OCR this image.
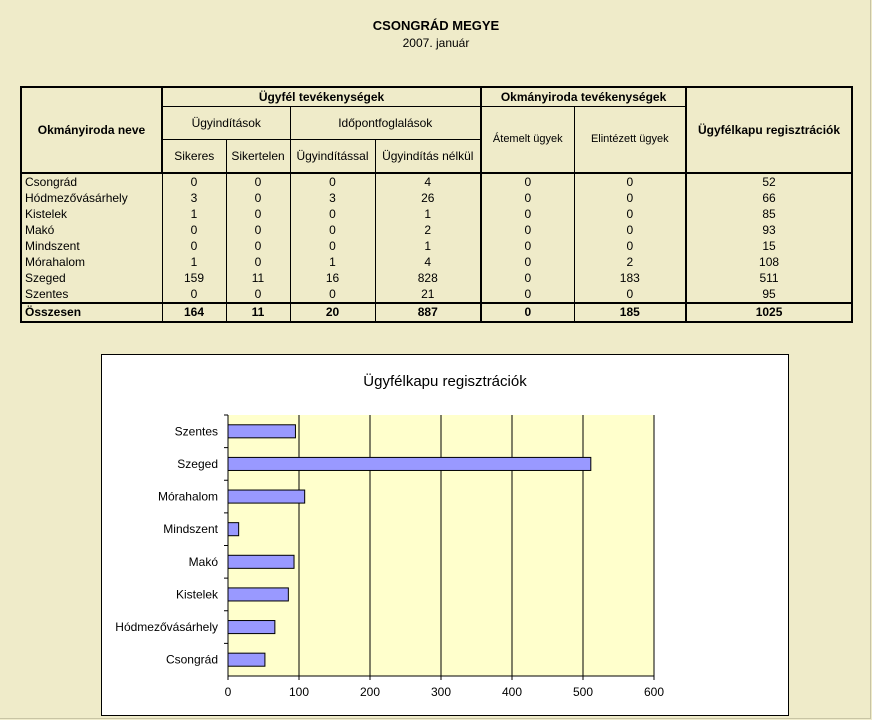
CSONGRÁD MEGYE
2007. január
Okmányiroda neve	Ügyfél tevékenységek				Okmányiroda tevékenységek		Ügyfélkapu regisztrációk
	Ügyindítások		Időpontfoglalások		Átemelt ügyek	Elintézett ügyek	
	Sikeres	Sikertelen	Ügyindítással	Ügyindítás nélkül			
Csongrád	0	0	0	4	0	0	52
Hódmezővásárhely	3	0	3	26	0	0	66
Kistelek	1	0	0	1	0	0	85
Makó	0	0	0	2	0	0	93
Mindszent	0	0	0	1	0	0	15
Mórahalom	1	0	1	4	0	2	108
Szeged	159	11	16	828	0	183	511
Szentes	0	0	0	21	0	0	95
Összesen	164	11	20	887	0	185	1025
Ügyfélkapu regisztrációk
0	100	200	300	400	500	600
Szentes
Szeged
Mórahalom
Mindszent
Makó
Kistelek
Hódmezővásárhely
Csongrád
